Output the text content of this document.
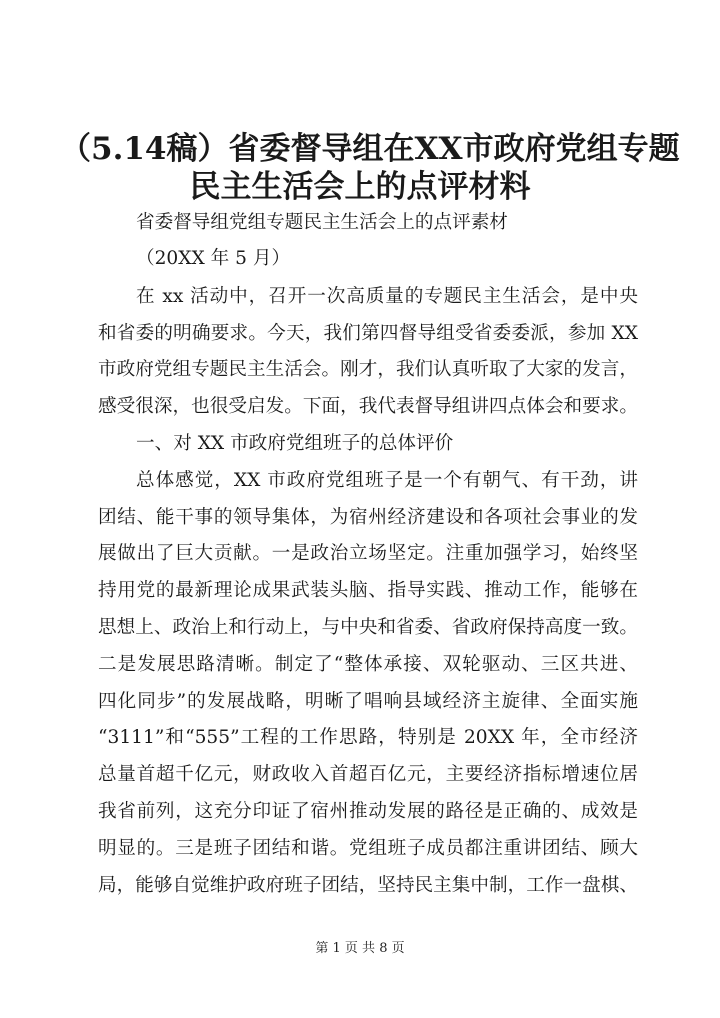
（5.14稿）省委督导组在XX市政府党组专题
民主生活会上的点评材料
省委督导组党组专题民主生活会上的点评素材
（20XX 年 5 月）
在 xx 活动中，召开一次高质量的专题民主生活会，是中央
和省委的明确要求。今天，我们第四督导组受省委委派，参加 XX
市政府党组专题民主生活会。刚才，我们认真听取了大家的发言，
感受很深，也很受启发。下面，我代表督导组讲四点体会和要求。
一、对 XX 市政府党组班子的总体评价
总体感觉，XX 市政府党组班子是一个有朝气、有干劲，讲
团结、能干事的领导集体，为宿州经济建设和各项社会事业的发
展做出了巨大贡献。一是政治立场坚定。注重加强学习，始终坚
持用党的最新理论成果武装头脑、指导实践、推动工作，能够在
思想上、政治上和行动上，与中央和省委、省政府保持高度一致。
二是发展思路清晰。制定了“整体承接、双轮驱动、三区共进、
四化同步”的发展战略，明晰了唱响县域经济主旋律、全面实施
“3111”和“555”工程的工作思路，特别是 20XX 年，全市经济
总量首超千亿元，财政收入首超百亿元，主要经济指标增速位居
我省前列，这充分印证了宿州推动发展的路径是正确的、成效是
明显的。三是班子团结和谐。党组班子成员都注重讲团结、顾大
局，能够自觉维护政府班子团结，坚持民主集中制，工作一盘棋、
第 1 页 共 8 页
